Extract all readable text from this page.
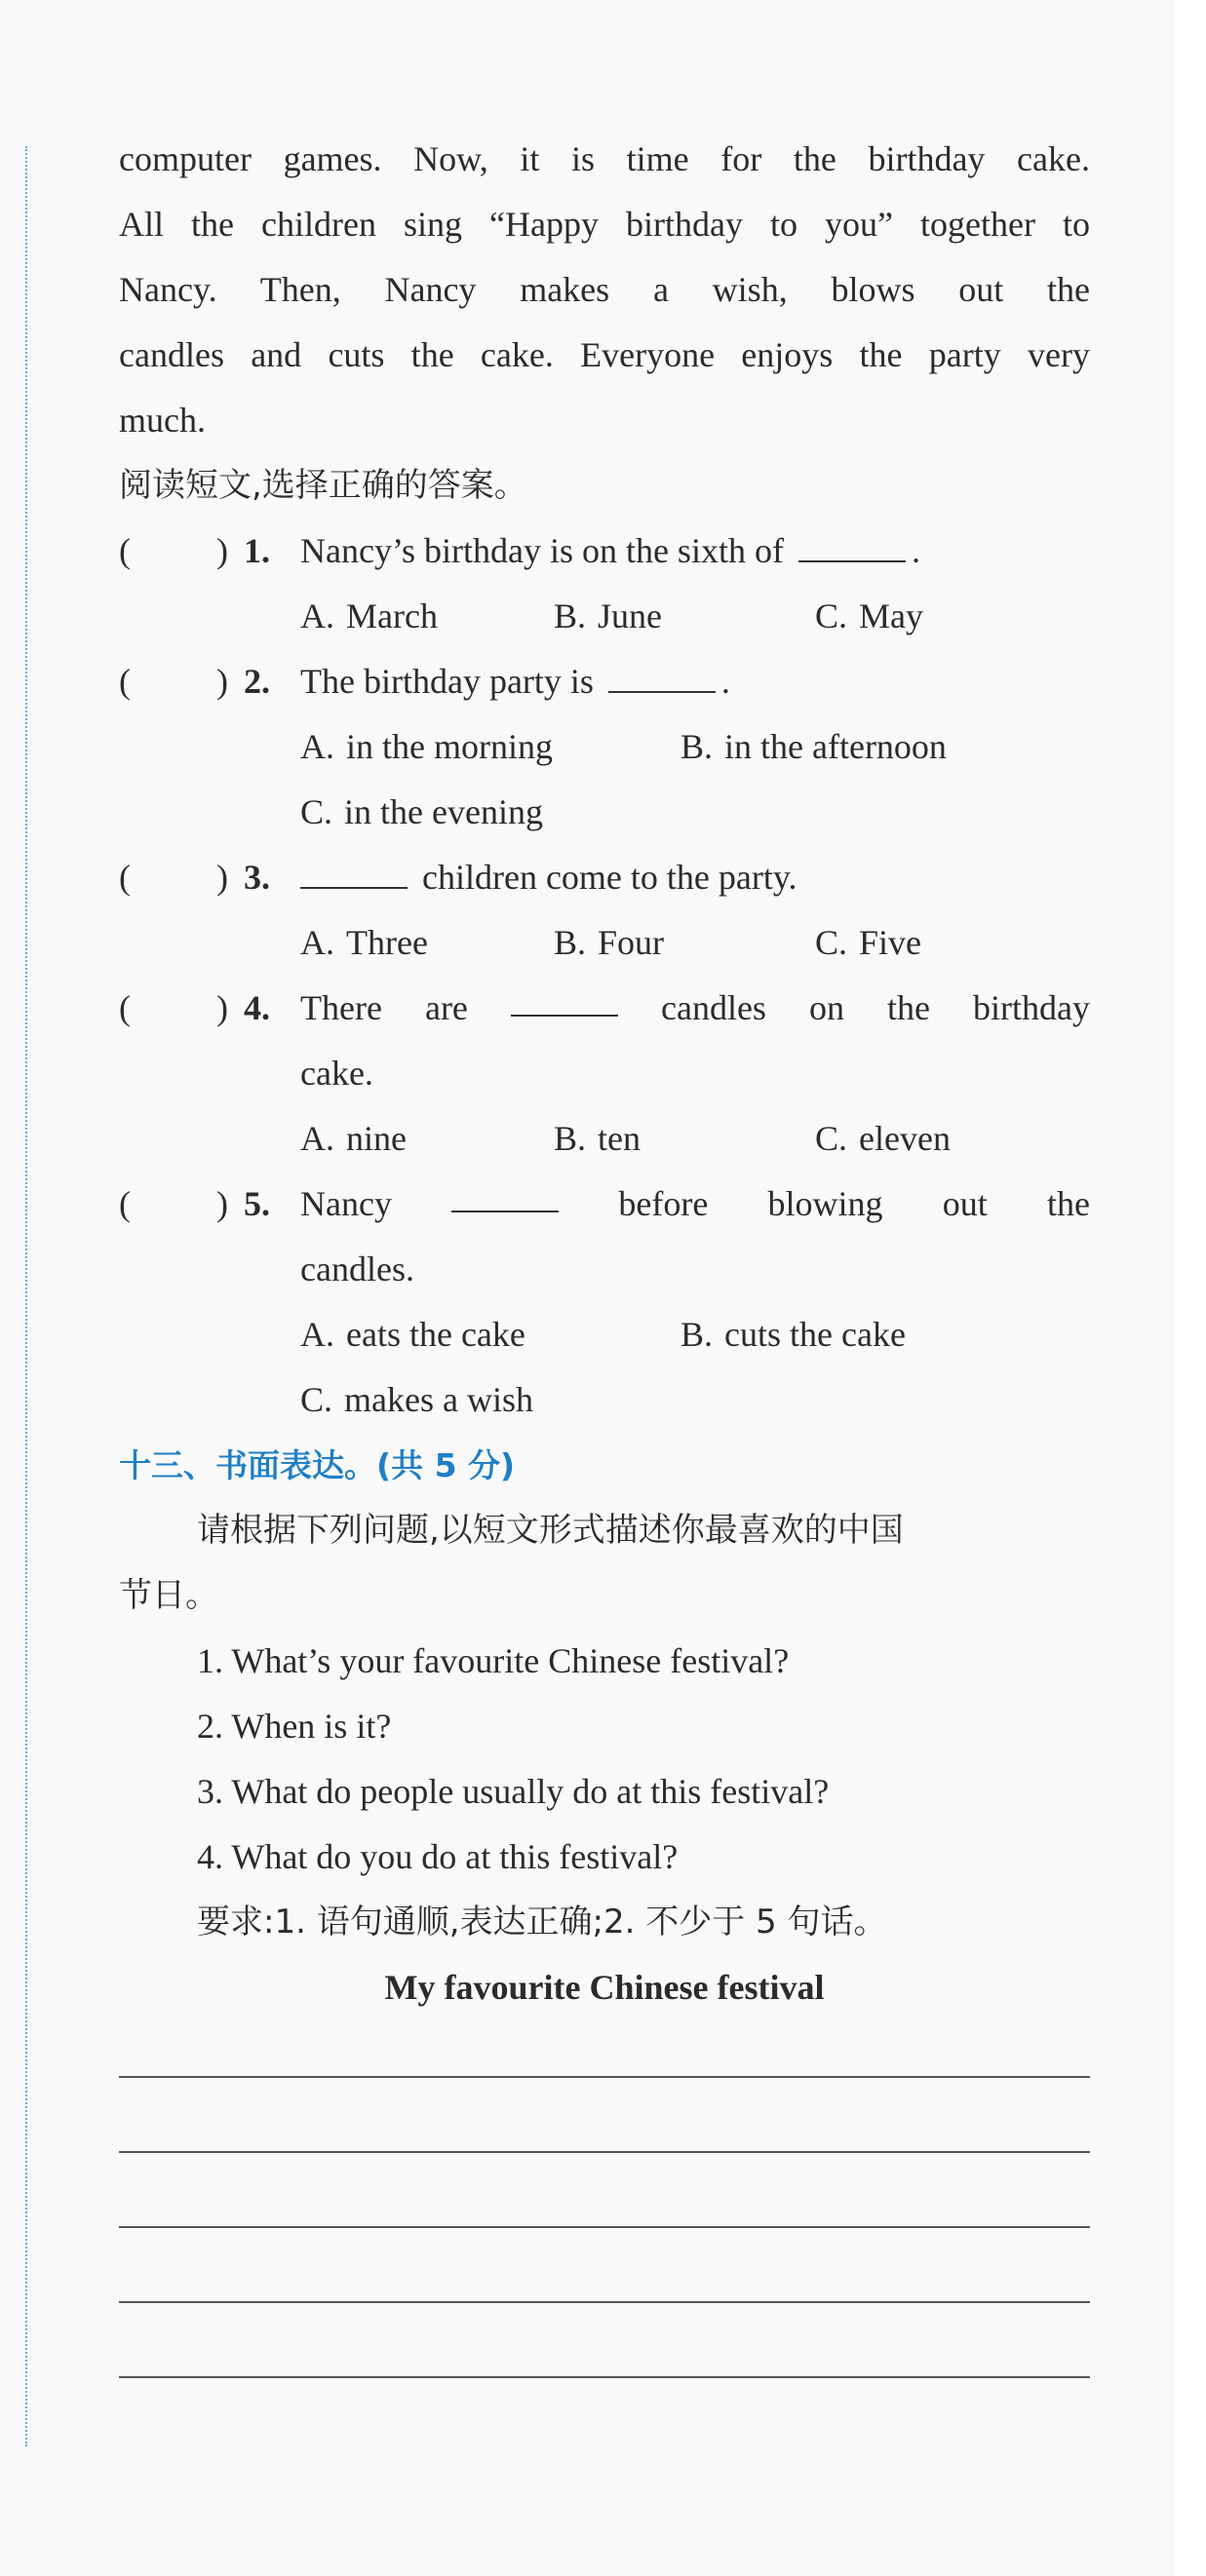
computer games. Now, it is time for the birthday cake.
All the children sing “Happy birthday to you” together to
Nancy. Then, Nancy makes a wish, blows out the
candles and cuts the cake. Everyone enjoys the party very
much.
阅读短文,选择正确的答案。
( ) 1. Nancy’s birthday is on the sixth of	.
A. March	B. June	C. May
( ) 2. The birthday party is	.
A. in the morning	B. in the afternoon
C. in the evening
( ) 3.	children come to the party.
A. Three	B. Four	C. Five
( ) 4. There are	candles on the birthday
cake.
A. nine	B. ten	C. eleven
( ) 5. Nancy	before blowing out the
candles.
A. eats the cake	B. cuts the cake
C. makes a wish
十三、书面表达。(共 5 分)
请根据下列问题,以短文形式描述你最喜欢的中国
节日。
1. What’s your favourite Chinese festival?
2. When is it?
3. What do people usually do at this festival?
4. What do you do at this festival?
要求:1. 语句通顺,表达正确;2. 不少于 5 句话。
My favourite Chinese festival
